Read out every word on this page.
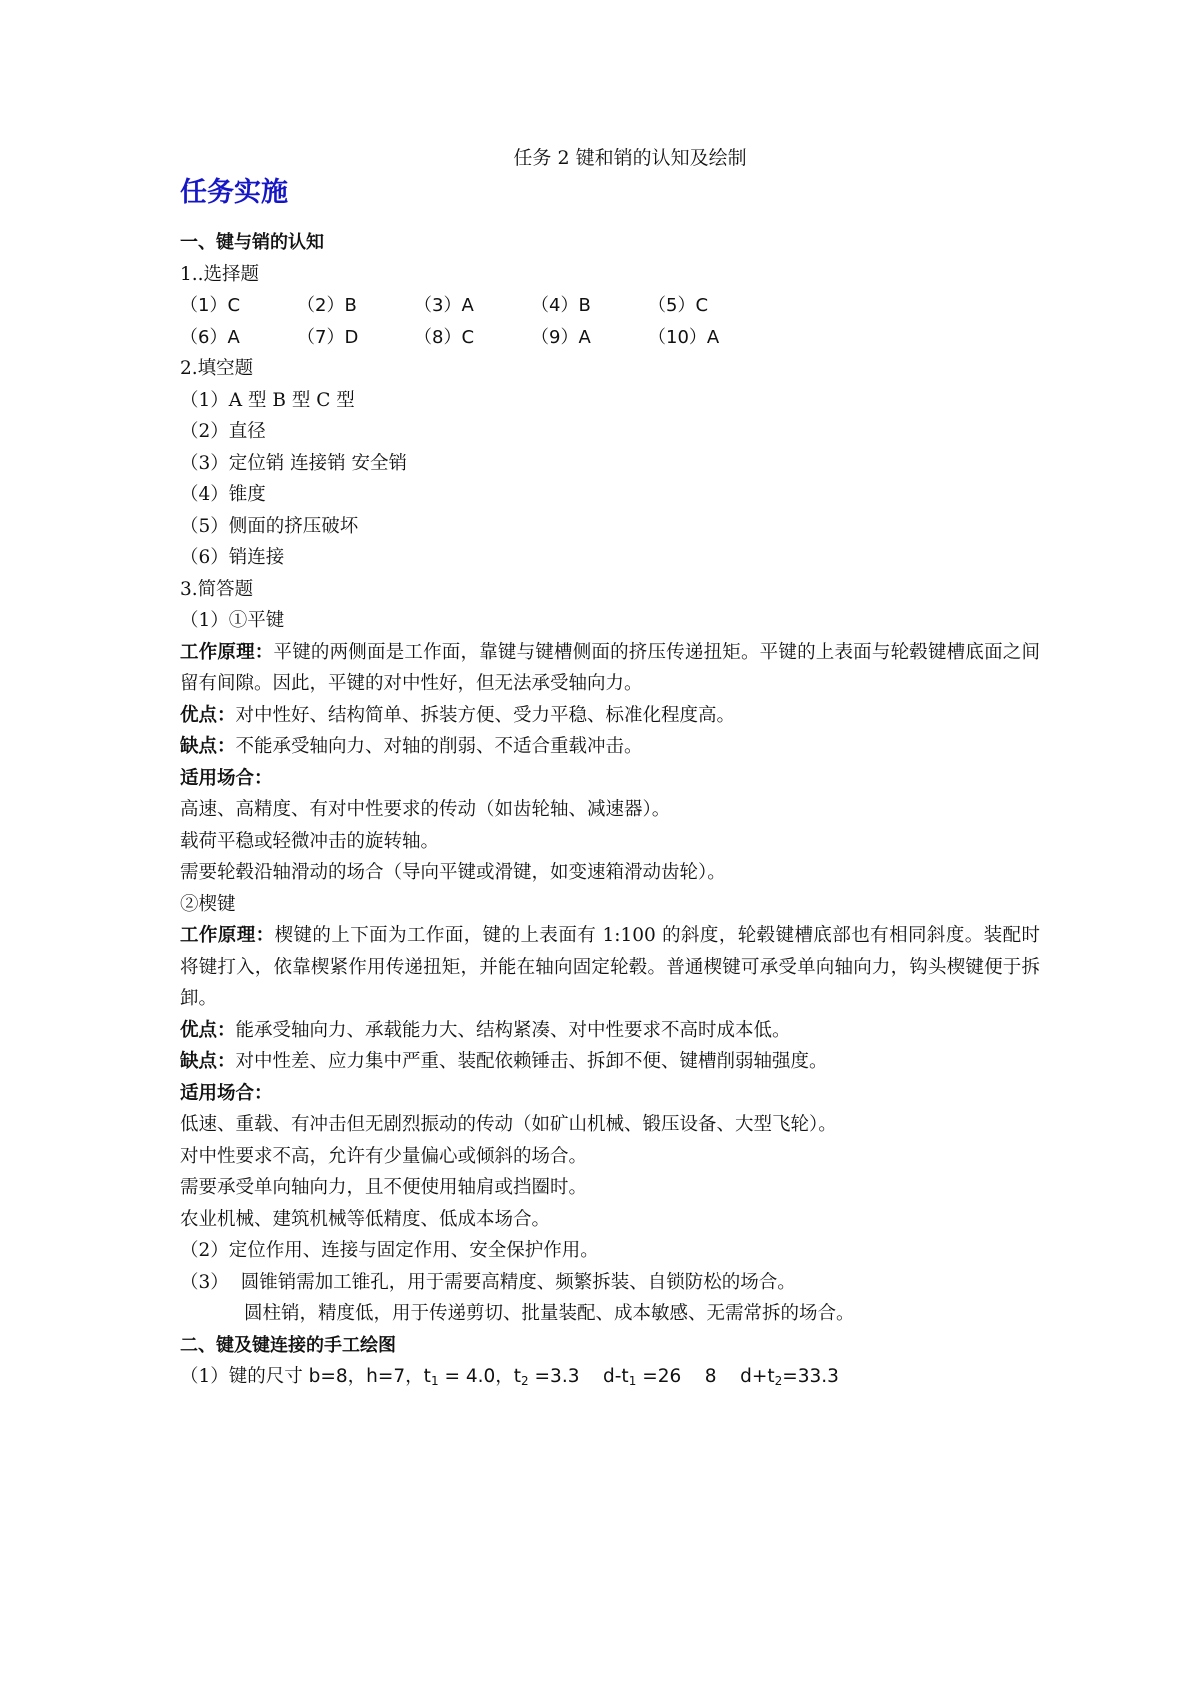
任务 2 键和销的认知及绘制
任务实施
一、键与销的认知
1..选择题
（1）C	（2）B	（3）A	（4）B	（5）C
（6）A	（7）D	（8）C	（9）A	（10）A
2.填空题
（1）A 型 B 型 C 型
（2）直径
（3）定位销 连接销 安全销
（4）锥度
（5）侧面的挤压破坏
（6）销连接
3.简答题
（1）①平键
工作原理：平键的两侧面是工作面，靠键与键槽侧面的挤压传递扭矩。平键的上表面与轮毂键槽底面之间留有间隙。因此，平键的对中性好，但无法承受轴向力。
优点：对中性好、结构简单、拆装方便、受力平稳、标准化程度高。
缺点：不能承受轴向力、对轴的削弱、不适合重载冲击。
适用场合：
高速、高精度、有对中性要求的传动（如齿轮轴、减速器）。
载荷平稳或轻微冲击的旋转轴。
需要轮毂沿轴滑动的场合（导向平键或滑键，如变速箱滑动齿轮）。
②楔键
工作原理：楔键的上下面为工作面，键的上表面有 1:100 的斜度，轮毂键槽底部也有相同斜度。装配时将键打入，依靠楔紧作用传递扭矩，并能在轴向固定轮毂。普通楔键可承受单向轴向力，钩头楔键便于拆卸。
优点：能承受轴向力、承载能力大、结构紧凑、对中性要求不高时成本低。
缺点：对中性差、应力集中严重、装配依赖锤击、拆卸不便、键槽削弱轴强度。
适用场合：
低速、重载、有冲击但无剧烈振动的传动（如矿山机械、锻压设备、大型飞轮）。
对中性要求不高，允许有少量偏心或倾斜的场合。
需要承受单向轴向力，且不便使用轴肩或挡圈时。
农业机械、建筑机械等低精度、低成本场合。
（2）定位作用、连接与固定作用、安全保护作用。
（3） 圆锥销需加工锥孔，用于需要高精度、频繁拆装、自锁防松的场合。
圆柱销，精度低，用于传递剪切、批量装配、成本敏感、无需常拆的场合。
二、键及键连接的手工绘图
（1）键的尺寸 b=8，h=7，$t_1 = 4.0$，$t_2 =3.3$    $d-t_1 =26$    8    $d+t_2=33.3$
